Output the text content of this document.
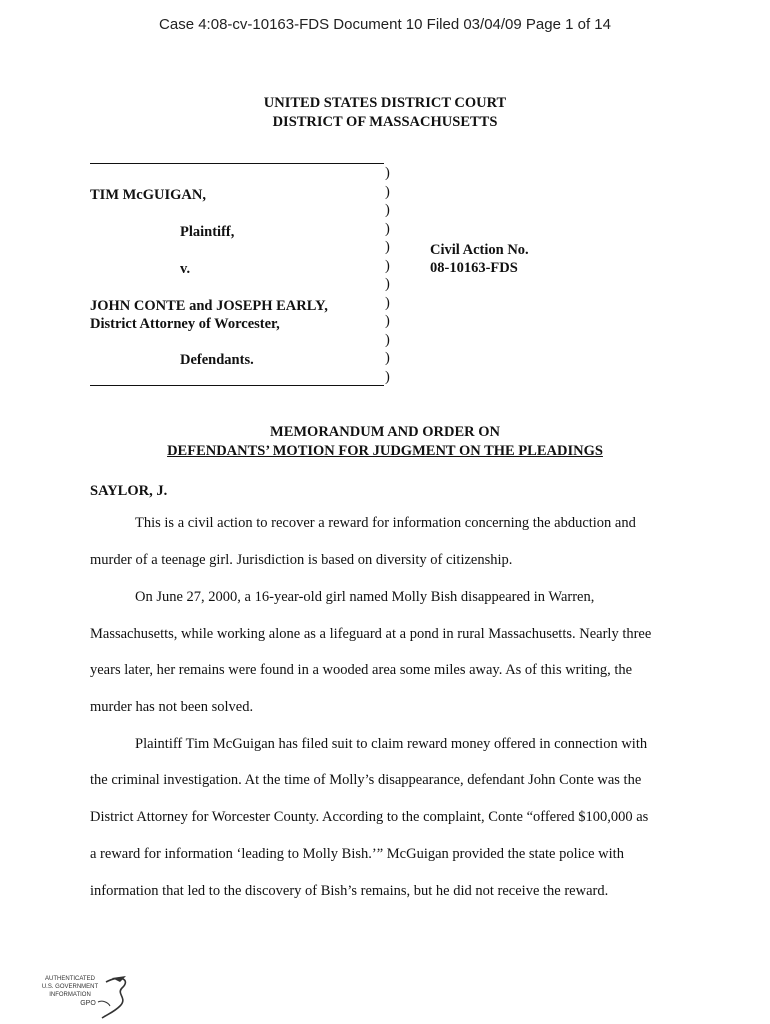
Case 4:08-cv-10163-FDS Document 10 Filed 03/04/09 Page 1 of 14
UNITED STATES DISTRICT COURT
DISTRICT OF MASSACHUSETTS
TIM McGUIGAN,
Plaintiff,
v.
JOHN CONTE and JOSEPH EARLY,
District Attorney of Worcester,
Defendants.
)
)
)
)
)
)
)
)
)
)
)
)
Civil Action No.
08-10163-FDS
MEMORANDUM AND ORDER ON
DEFENDANTS’ MOTION FOR JUDGMENT ON THE PLEADINGS
SAYLOR, J.
This is a civil action to recover a reward for information concerning the abduction and
murder of a teenage girl. Jurisdiction is based on diversity of citizenship.
On June 27, 2000, a 16-year-old girl named Molly Bish disappeared in Warren,
Massachusetts, while working alone as a lifeguard at a pond in rural Massachusetts. Nearly three
years later, her remains were found in a wooded area some miles away. As of this writing, the
murder has not been solved.
Plaintiff Tim McGuigan has filed suit to claim reward money offered in connection with
the criminal investigation. At the time of Molly’s disappearance, defendant John Conte was the
District Attorney for Worcester County. According to the complaint, Conte “offered $100,000 as
a reward for information ‘leading to Molly Bish.’” McGuigan provided the state police with
information that led to the discovery of Bish’s remains, but he did not receive the reward.
AUTHENTICATED
U.S. GOVERNMENT
INFORMATION
GPO
